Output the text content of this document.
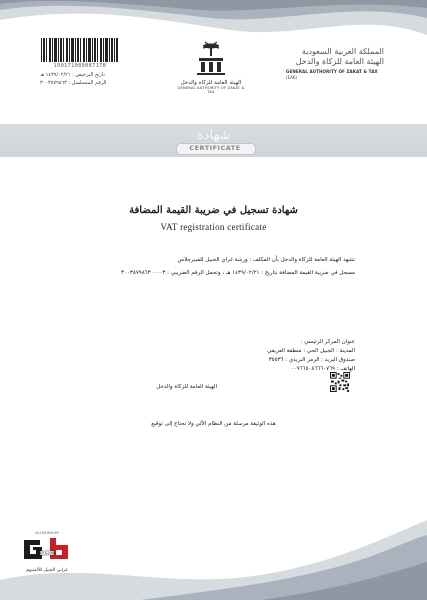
10017100008717B
تاريخ الترخيص : ١٤٣٩/٠٢/٢١ هـ
الرقم المتسلسل : ٣٠٠٣٨٧٩٨٦٣	الهيئة العامة للزكاة والدخل
GENERAL AUTHORITY OF ZAKAT & TAX
المملكة العربية السعودية
الهيئة العامة للزكاة والدخل
GENERAL AUTHORITY OF ZAKAT & TAX
(1A6)
شهادة
CERTIFICATE
شهادة تسجيل في ضريبة القيمة المضافة
VAT registration certificate
تشهد الهيئة العامة للزكاة والدخل بأن المكلف : ورشة غراي الجبيل للفيبرجلاس
مسجل في ضريبة القيمة المضافة بتاريخ : ١٤٣٩/٠٢/٢١ هـ ، وتحمل الرقم الضريبي : ٣٠٠٣٨٧٩٨٦٣٠٠٠٠٣
عنوان المركز الرئيسي :
المدينة : الجبيل الحي : منطقة العريفي
صندوق البريد : الرمز البريدي : ٣٥٥٣٦
الهاتف : ٠٠٩٦٦٥٠٨٦٦٦٠٧٦٩
الهيئة العامة للزكاة والدخل
هذه الوثيقة مرسلة من النظام الآلي ولا تحتاج إلى توقيع
ALUMINIUM
GRAY AL JUBAIL
غرابي الجبيل للألمنيوم
